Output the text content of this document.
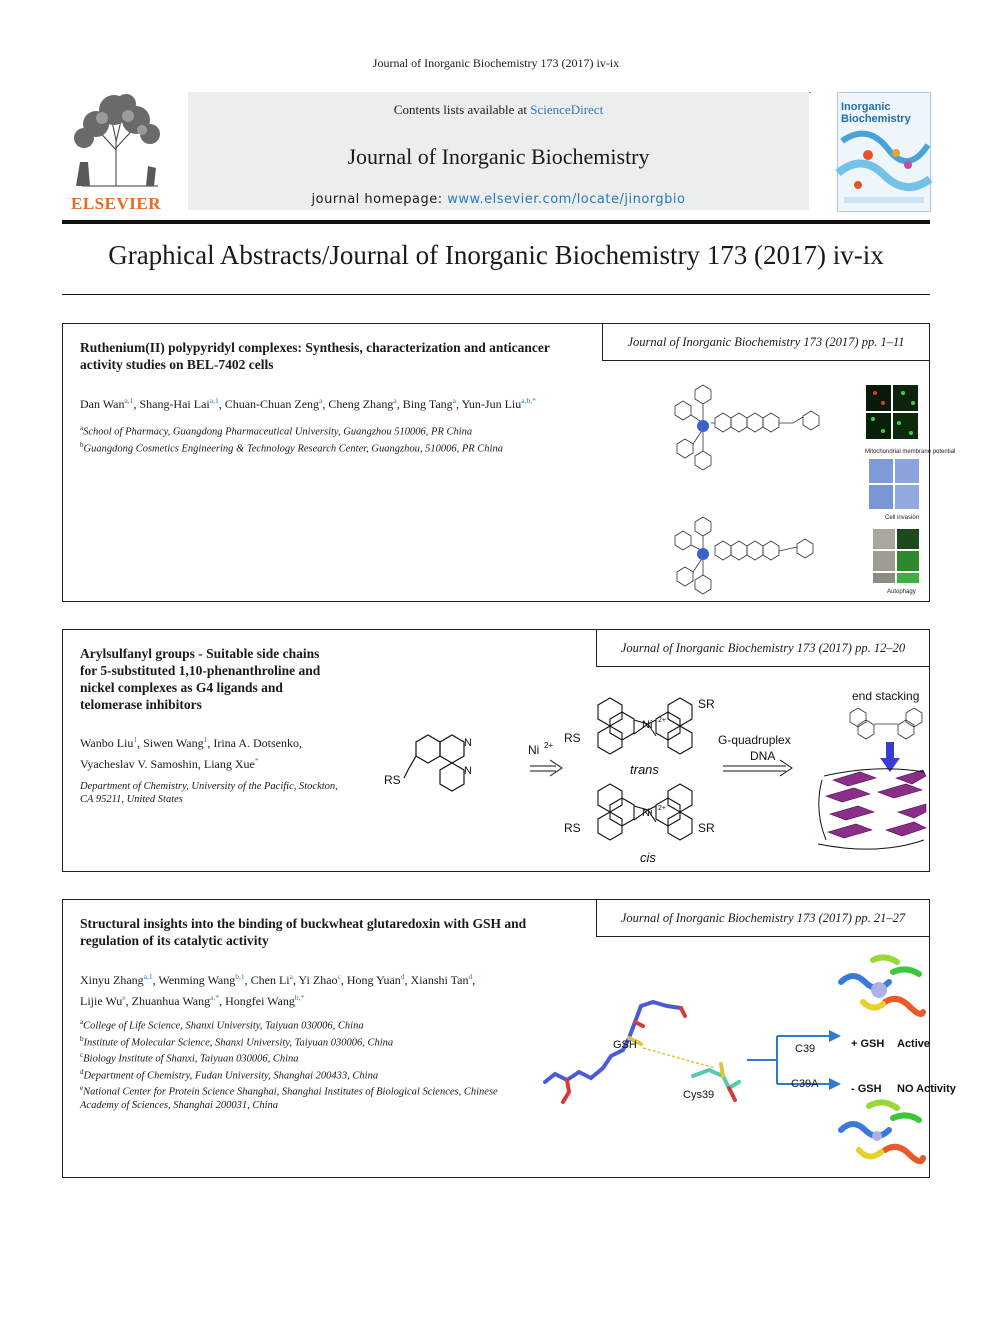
Journal of Inorganic Biochemistry 173 (2017) iv-ix
ELSEVIER
Contents lists available at ScienceDirect
Journal of Inorganic Biochemistry
journal homepage: www.elsevier.com/locate/jinorgbio
Inorganic
Biochemistry
Graphical Abstracts/Journal of Inorganic Biochemistry 173 (2017) iv-ix
Ruthenium(II) polypyridyl complexes: Synthesis, characterization and anticancer activity studies on BEL-7402 cells
Journal of Inorganic Biochemistry 173 (2017) pp. 1–11
Dan Wan$^{a,1}$, Shang-Hai Lai$^{a,1}$, Chuan-Chuan Zeng$^a$, Cheng Zhang$^a$, Bing Tang$^a$, Yun-Jun Liu$^{a,b,*}$
$^a$School of Pharmacy, Guangdong Pharmaceutical University, Guangzhou 510006, PR China
$^b$Guangdong Cosmetics Engineering & Technology Research Center, Guangzhou, 510006, PR China	Mitochondrial membrane potential
Cell invasion
Autophagy
Arylsulfanyl groups - Suitable side chains
for 5-substituted 1,10-phenanthroline and
nickel complexes as G4 ligands and
telomerase inhibitors
Journal of Inorganic Biochemistry 173 (2017) pp. 12–20
Wanbo Liu$^1$, Siwen Wang$^1$, Irina A. Dotsenko,
Vyacheslav V. Samoshin, Liang Xue*
Department of Chemistry, University of the Pacific, Stockton,
CA 95211, United States
N
N
RS
Ni 2+
Ni 2+
RS
SR
trans
Ni 2+
RS	SR
cis
G-quadruplex
DNA
end stacking
Structural insights into the binding of buckwheat glutaredoxin with GSH and regulation of its catalytic activity
Journal of Inorganic Biochemistry 173 (2017) pp. 21–27
Xinyu Zhang$^{a,1}$, Wenming Wang$^{b,1}$, Chen Li$^a$, Yi Zhao$^c$, Hong Yuan$^d$, Xianshi Tan$^d$,
Lijie Wu$^e$, Zhuanhua Wang$^{a,*}$, Hongfei Wang$^{b,*}$
$^a$College of Life Science, Shanxi University, Taiyuan 030006, China
$^b$Institute of Molecular Science, Shanxi University, Taiyuan 030006, China
$^c$Biology Institute of Shanxi, Taiyuan 030006, China
$^d$Department of Chemistry, Fudan University, Shanghai 200433, China
$^e$National Center for Protein Science Shanghai, Shanghai Institutes of Biological Sciences, Chinese Academy of Sciences, Shanghai 200031, China
GSH
Cys39
C39
C39A
+ GSH Active
- GSH NO Activity
